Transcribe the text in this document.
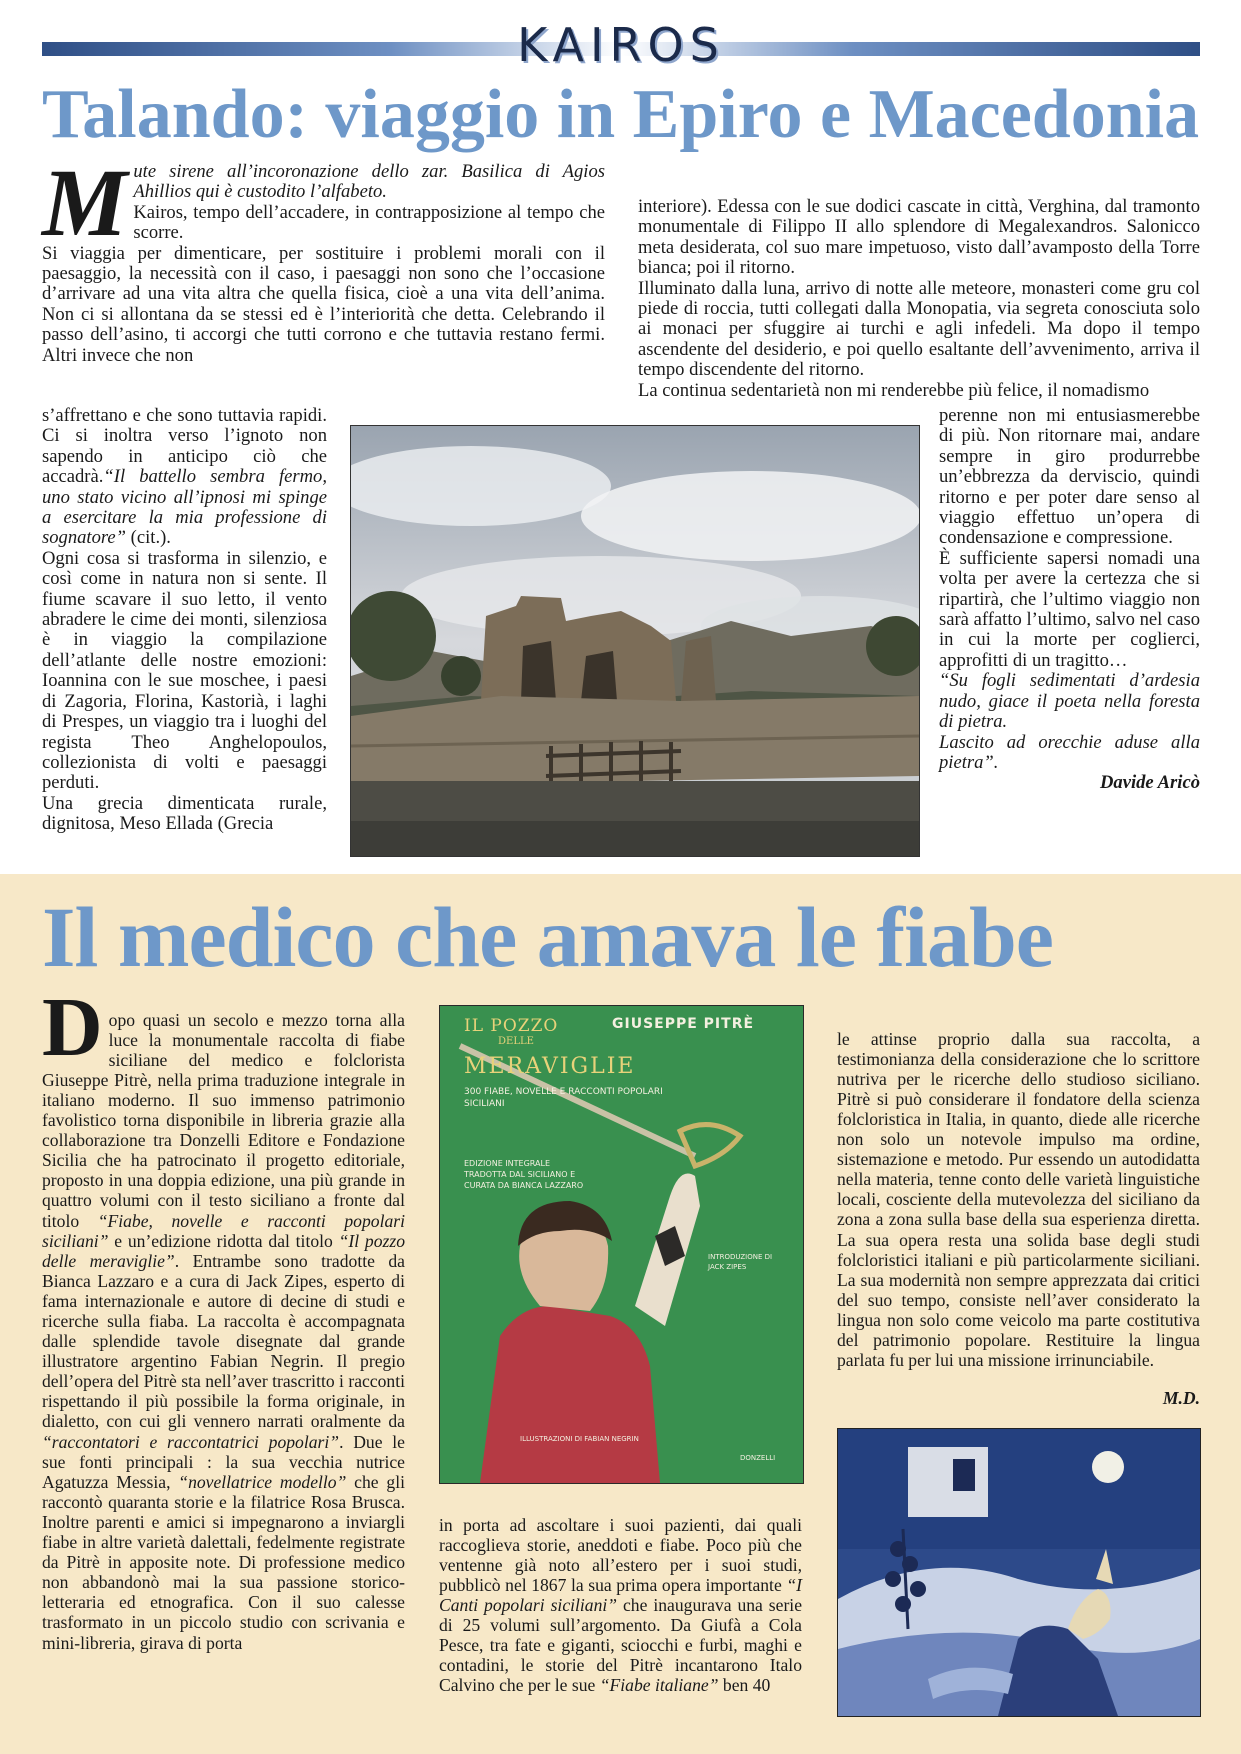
KAIROS
Talando: viaggio in Epiro e Macedonia
M ute sirene all’incoronazione dello zar. Basilica di Agios Ahillios qui è custodito l’alfabeto.

Kairos, tempo dell’accadere, in contrapposizione al tempo che scorre.

Si viaggia per dimenticare, per sostituire i problemi morali con il paesaggio, la necessità con il caso, i paesaggi non sono che l’occasione d’arrivare ad una vita altra che quella fisica, cioè a una vita dell’anima. Non ci si allontana da se stessi ed è l’interiorità che detta. Celebrando il passo dell’asino, ti accorgi che tutti corrono e che tuttavia restano fermi. Altri invece che non

s’affrettano e che sono tuttavia rapidi. Ci si inoltra verso l’ignoto non sapendo in anticipo ciò che accadrà.“Il battello sembra fermo, uno stato vicino all’ipnosi mi spinge a esercitare la mia professione di sognatore” (cit.).

Ogni cosa si trasforma in silenzio, e così come in natura non si sente. Il fiume scavare il suo letto, il vento abradere le cime dei monti, silenziosa è in viaggio la compilazione dell’atlante delle nostre emozioni: Ioannina con le sue moschee, i paesi di Zagoria, Florina, Kastorià, i laghi di Prespes, un viaggio tra i luoghi del regista Theo Anghelopoulos, collezionista di volti e paesaggi perduti.

Una grecia dimenticata rurale, dignitosa, Meso Ellada (Grecia

interiore). Edessa con le sue dodici cascate in città, Verghina, dal tramonto monumentale di Filippo II allo splendore di Megalexandros. Salonicco meta desiderata, col suo mare impetuoso, visto dall’avamposto della Torre bianca; poi il ritorno.

Illuminato dalla luna, arrivo di notte alle meteore, monasteri come gru col piede di roccia, tutti collegati dalla Monopatia, via segreta conosciuta solo ai monaci per sfuggire ai turchi e agli infedeli. Ma dopo il tempo ascendente del desiderio, e poi quello esaltante dell’avvenimento, arriva il tempo discendente del ritorno.

La continua sedentarietà non mi renderebbe più felice, il nomadismo

perenne non mi entusiasmerebbe di più. Non ritornare mai, andare sempre in giro produrrebbe un’ebbrezza da derviscio, quindi ritorno e per poter dare senso al viaggio effettuo un’opera di condensazione e compressione.

È sufficiente sapersi nomadi una volta per avere la certezza che si ripartirà, che l’ultimo viaggio non sarà affatto l’ultimo, salvo nel caso in cui la morte per coglierci, approfitti di un tragitto…

“Su fogli sedimentati d’ardesia nudo, giace il poeta nella foresta di pietra.

Lascito ad orecchie aduse alla pietra”.

Davide Aricò

Il medico che amava le fiabe
D opo quasi un secolo e mezzo torna alla luce la monumentale raccolta di fiabe siciliane del medico e folclorista Giuseppe Pitrè, nella prima traduzione integrale in italiano moderno. Il suo immenso patrimonio favolistico torna disponibile in libreria grazie alla collaborazione tra Donzelli Editore e Fondazione Sicilia che ha patrocinato il progetto editoriale, proposto in una doppia edizione, una più grande in quattro volumi con il testo siciliano a fronte dal titolo “Fiabe, novelle e racconti popolari siciliani” e un’edizione ridotta dal titolo “Il pozzo delle meraviglie”. Entrambe sono tradotte da Bianca Lazzaro e a cura di Jack Zipes, esperto di fama internazionale e autore di decine di studi e ricerche sulla fiaba. La raccolta è accompagnata dalle splendide tavole disegnate dal grande illustratore argentino Fabian Negrin. Il pregio dell’opera del Pitrè sta nell’aver trascritto i racconti rispettando il più possibile la forma originale, in dialetto, con cui gli vennero narrati oralmente da “raccontatori e raccontatrici popolari”. Due le sue fonti principali : la sua vecchia nutrice Agatuzza Messia, “novellatrice modello” che gli raccontò quaranta storie e la filatrice Rosa Brusca. Inoltre parenti e amici si impegnarono a inviargli fiabe in altre varietà dalettali, fedelmente registrate da Pitrè in apposite note. Di professione medico non abbandonò mai la sua passione storico-letteraria ed etnografica. Con il suo calesse trasformato in un piccolo studio con scrivania e mini-libreria, girava di porta

IL POZZO	GIUSEPPE PITRÈ
DELLE
MERAVIGLIE
300 FIABE, NOVELLE E RACCONTI POPOLARI SICILIANI
EDIZIONE INTEGRALE TRADOTTA DAL SICILIANO E CURATA DA BIANCA LAZZARO
INTRODUZIONE DI JACK ZIPES
ILLUSTRAZIONI DI FABIAN NEGRIN
DONZELLI

in porta ad ascoltare i suoi pazienti, dai quali raccoglieva storie, aneddoti e fiabe. Poco più che ventenne già noto all’estero per i suoi studi, pubblicò nel 1867 la sua prima opera importante “I Canti popolari siciliani” che inaugurava una serie di 25 volumi sull’argomento. Da Giufà a Cola Pesce, tra fate e giganti, sciocchi e furbi, maghi e contadini, le storie del Pitrè incantarono Italo Calvino che per le sue “Fiabe italiane” ben 40

le attinse proprio dalla sua raccolta, a testimonianza della considerazione che lo scrittore nutriva per le ricerche dello studioso siciliano. Pitrè si può considerare il fondatore della scienza folcloristica in Italia, in quanto, diede alle ricerche non solo un notevole impulso ma ordine, sistemazione e metodo. Pur essendo un autodidatta nella materia, tenne conto delle varietà linguistiche locali, cosciente della mutevolezza del siciliano da zona a zona sulla base della sua esperienza diretta. La sua opera resta una solida base degli studi folcloristici italiani e più particolarmente siciliani. La sua modernità non sempre apprezzata dai critici del suo tempo, consiste nell’aver considerato la lingua non solo come veicolo ma parte costitutiva del patrimonio popolare. Restituire la lingua parlata fu per lui una missione irrinunciabile.

M.D.
